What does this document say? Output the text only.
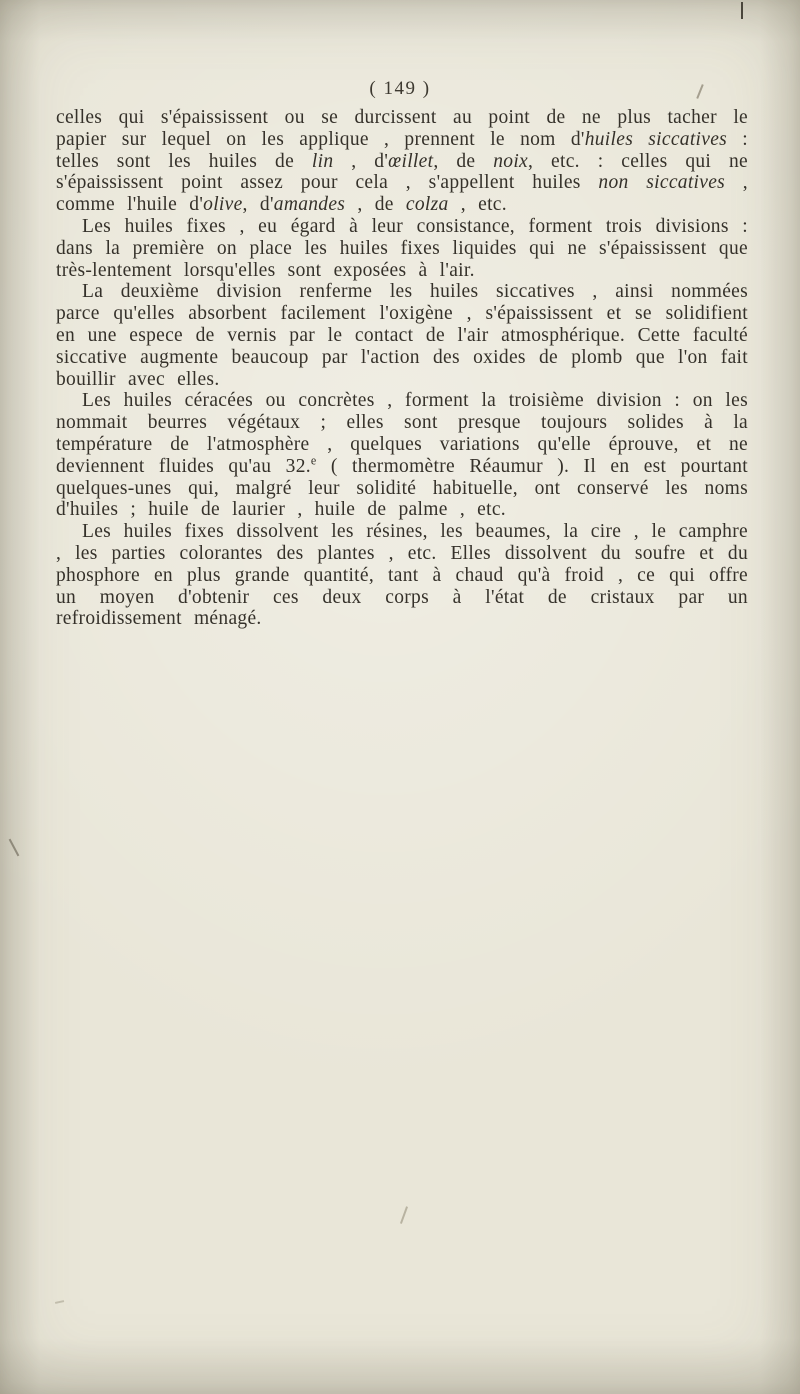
( 149 )

celles qui s'épaississent ou se durcissent au point de ne plus tacher le papier sur lequel on les applique , prennent le nom d'huiles siccatives : telles sont les huiles de lin , d'œillet, de noix, etc. : celles qui ne s'épaississent point assez pour cela , s'appellent huiles non siccatives , comme l'huile d'olive, d'amandes , de colza , etc.

Les huiles fixes , eu égard à leur consistance, forment trois divisions : dans la première on place les huiles fixes liquides qui ne s'épaississent que très-lentement lorsqu'elles sont exposées à l'air.

La deuxième division renferme les huiles siccatives , ainsi nommées parce qu'elles absorbent facilement l'oxigène , s'épaississent et se solidifient en une espece de vernis par le contact de l'air atmosphérique. Cette faculté siccative augmente beaucoup par l'action des oxides de plomb que l'on fait bouillir avec elles.

Les huiles céracées ou concrètes , forment la troisième division : on les nommait beurres végétaux ; elles sont presque toujours solides à la température de l'atmosphère , quelques variations qu'elle éprouve, et ne deviennent fluides qu'au 32.$^e$ ( thermomètre Réaumur ). Il en est pourtant quelques-unes qui, malgré leur solidité habituelle, ont conservé les noms d'huiles ; huile de laurier , huile de palme , etc.

Les huiles fixes dissolvent les résines, les beaumes, la cire , le camphre , les parties colorantes des plantes , etc. Elles dissolvent du soufre et du phosphore en plus grande quantité, tant à chaud qu'à froid , ce qui offre un moyen d'obtenir ces deux corps à l'état de cristaux par un refroidissement ménagé.
